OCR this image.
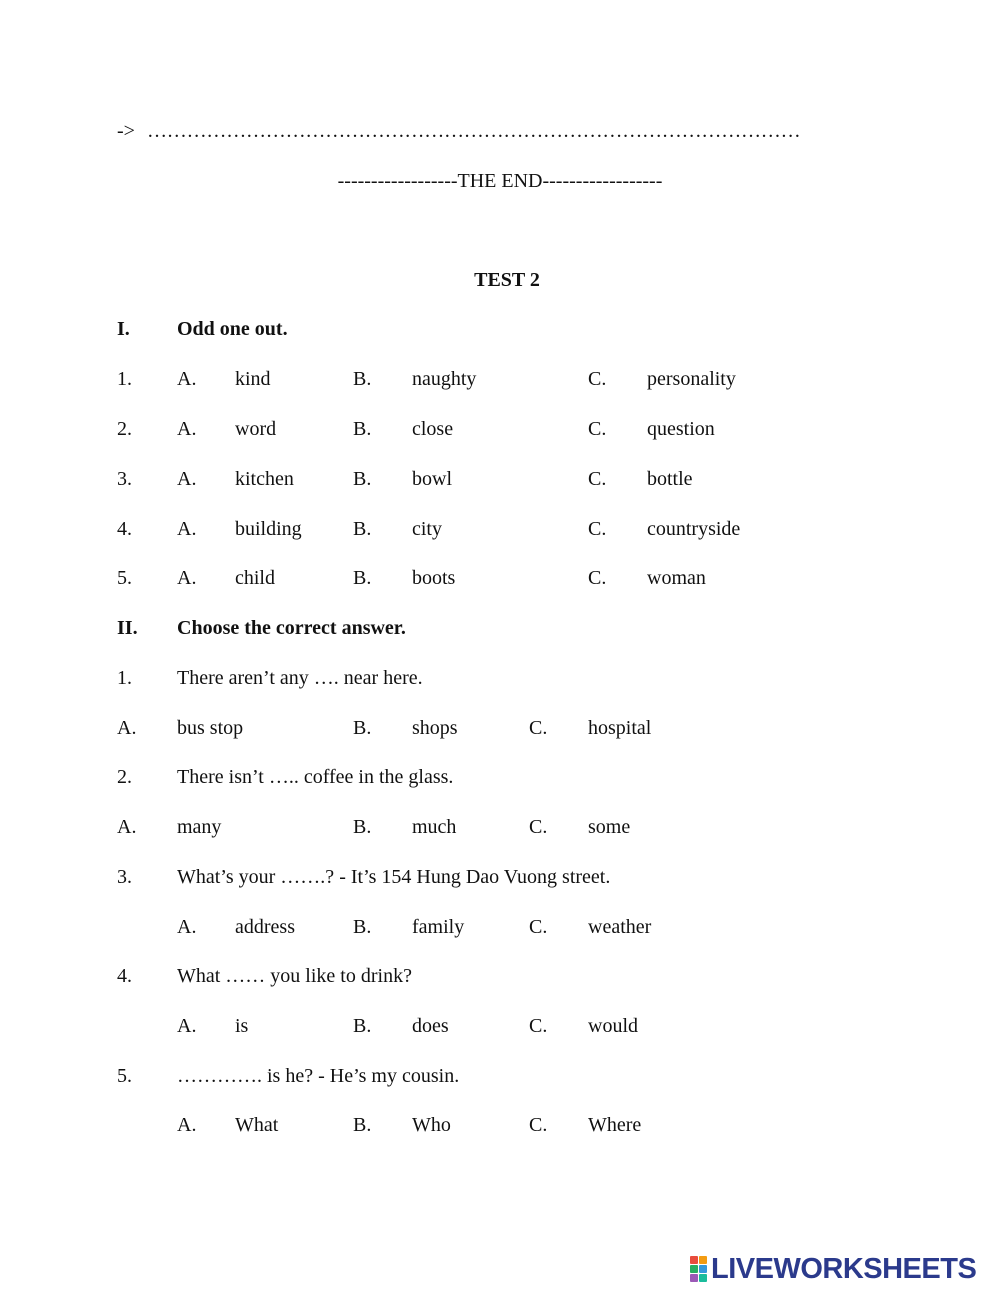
-> ………………………………………………………………………………………
------------------THE END------------------
TEST 2
I. Odd one out.
1. A. kind	B. naughty	C. personality
2. A. word	B. close	C. question
3. A. kitchen	B. bowl	C. bottle
4. A. building	B. city	C. countryside
5. A. child	B. boots	C. woman
II. Choose the correct answer.
1. There aren’t any …. near here.
A. bus stop	B. shops	C. hospital
2. There isn’t ….. coffee in the glass.
A. many	B. much	C. some
3. What’s your …….? - It’s 154 Hung Dao Vuong street.
A. address	B. family	C. weather
4. What …… you like to drink?
A. is	B. does	C. would
5. …………. is he? - He’s my cousin.
A. What	B. Who	C. Where
LIVEWORKSHEETS
